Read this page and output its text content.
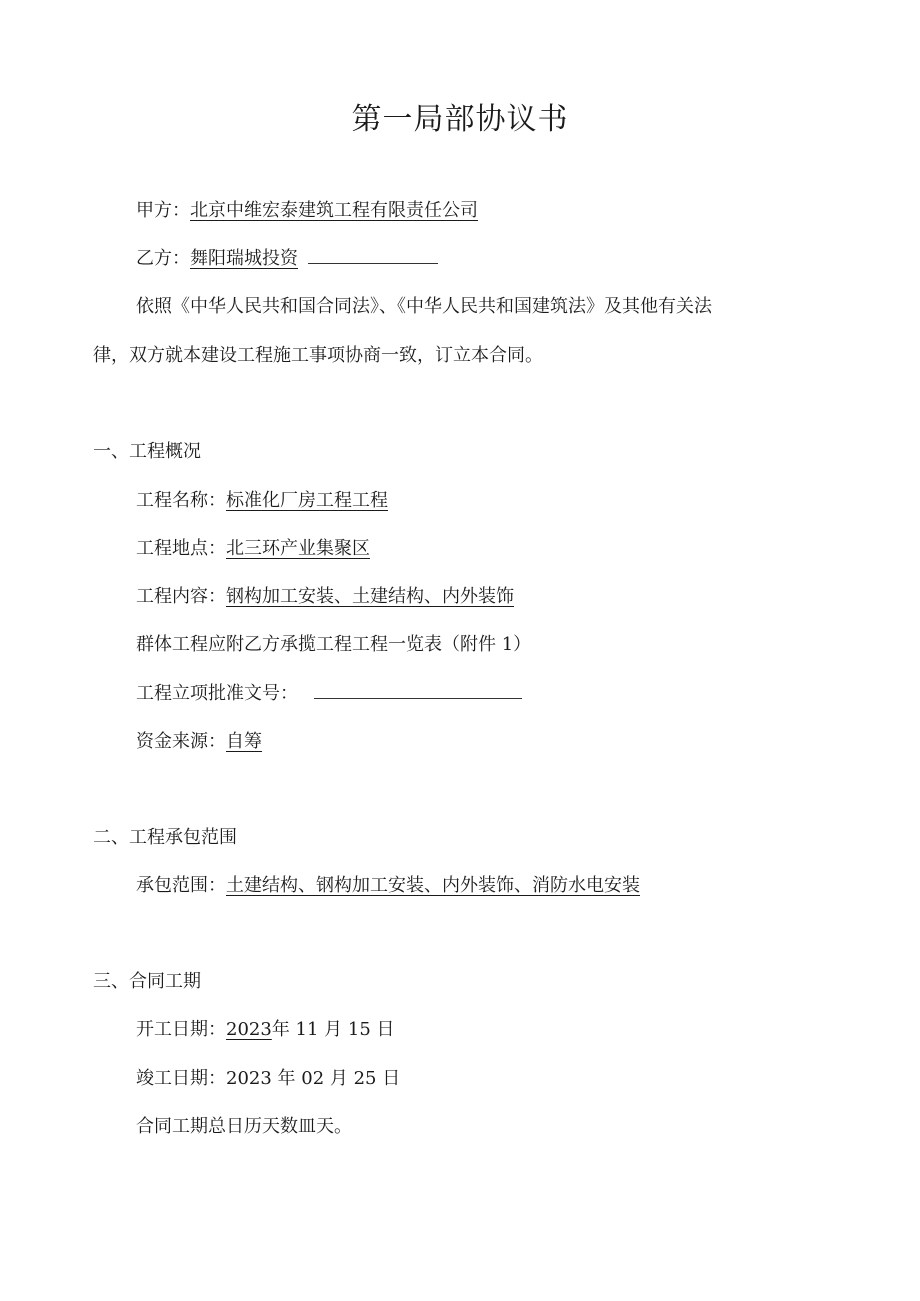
第一局部协议书
甲方：北京中维宏泰建筑工程有限责任公司
乙方：舞阳瑞城投资
依照《中华人民共和国合同法》、《中华人民共和国建筑法》及其他有关法
律，双方就本建设工程施工事项协商一致，订立本合同。
一、工程概况
工程名称：标准化厂房工程工程
工程地点：北三环产业集聚区
工程内容：钢构加工安装、土建结构、内外装饰
群体工程应附乙方承揽工程工程一览表（附件 1）
工程立项批准文号：
资金来源：自筹
二、工程承包范围
承包范围：土建结构、钢构加工安装、内外装饰、消防水电安装
三、合同工期
开工日期：2023年 11 月 15 日
竣工日期：2023 年 02 月 25 日
合同工期总日历天数皿天。
